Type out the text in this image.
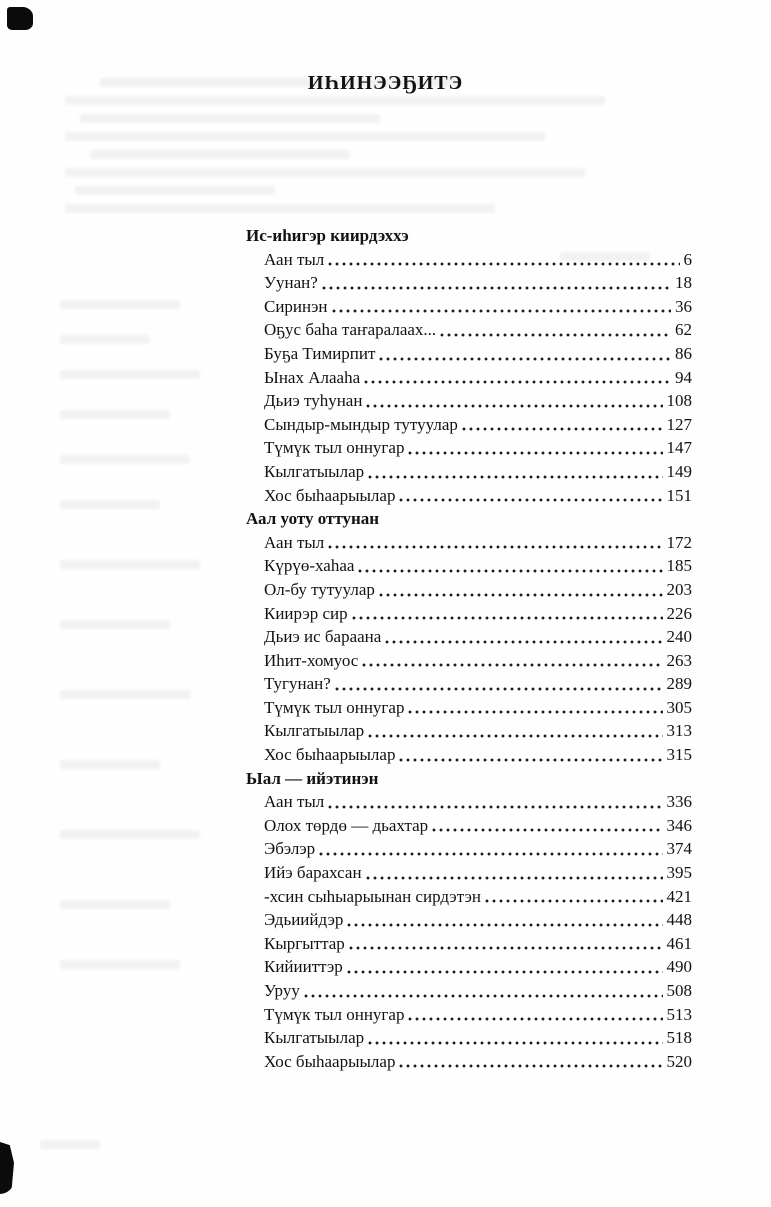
ИҺИНЭЭҔИТЭ
Ис-иһигэр киирдэххэ
Аан тыл	6
Уунан?	18
Сиринэн	36
Оҕус баһа таҥаралаах...	62
Буҕа Тимирпит	86
Ынах Алааһа	94
Дьиэ туһунан	108
Сындыр-мындыр тутуулар	127
Түмүк тыл оннугар	147
Кылгатыылар	149
Хос быһаарыылар	151
Аал уоту оттунан
Аан тыл	172
Күрүө-хаһаа	185
Ол-бу тутуулар	203
Киирэр сир	226
Дьиэ ис бараана	240
Иһит-хомуос	263
Тугунан?	289
Түмүк тыл оннугар	305
Кылгатыылар	313
Хос быһаарыылар	315
Ыал — ийэтинэн
Аан тыл	336
Олох төрдө — дьахтар	346
Эбэлэр	374
Ийэ барахсан	395
-хсин сыһыарыынан сирдэтэн	421
Эдьиийдэр	448
Кыргыттар	461
Кийииттэр	490
Уруу	508
Түмүк тыл оннугар	513
Кылгатыылар	518
Хос быһаарыылар	520
